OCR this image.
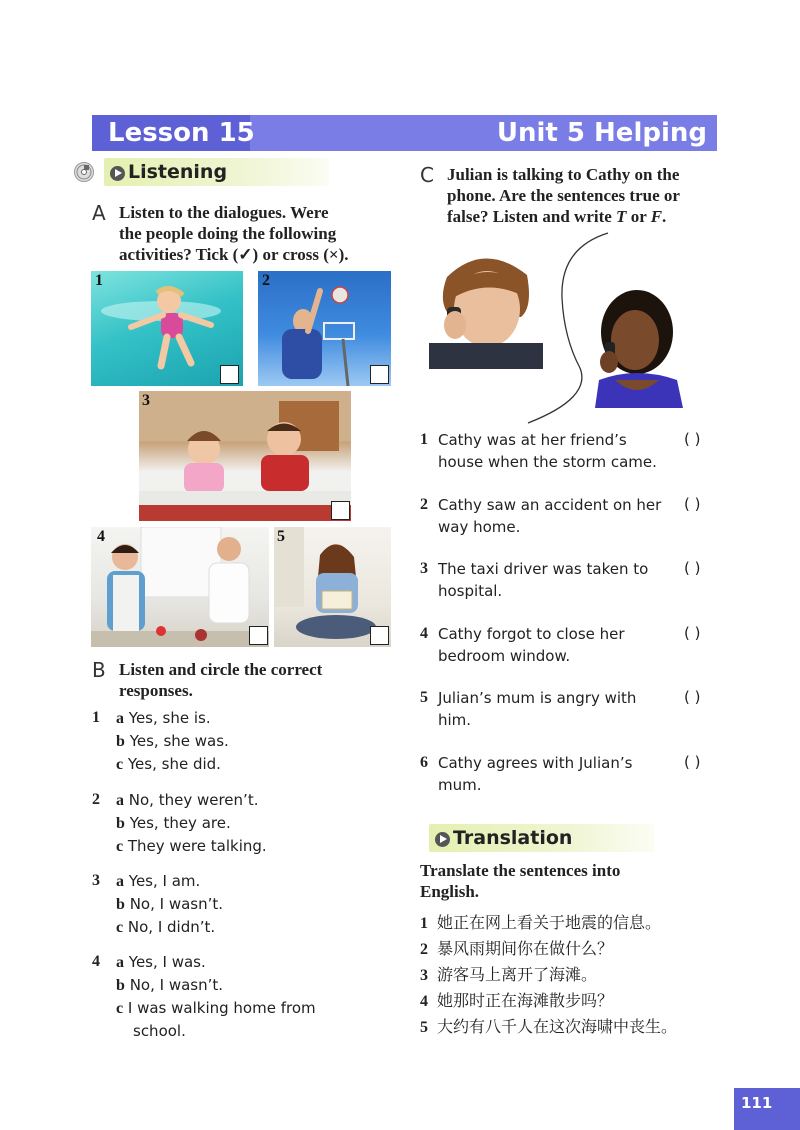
Lesson 15	Unit 5 Helping
Listening
A Listen to the dialogues. Were
the people doing the following
activities? Tick (✓) or cross (×).
1	2
3
4	5
B Listen and circle the correct
responses.
1 a Yes, she is.
b Yes, she was.
c Yes, she did.
2 a No, they weren’t.
b Yes, they are.
c They were talking.
3 a Yes, I am.
b No, I wasn’t.
c No, I didn’t.
4 a Yes, I was.
b No, I wasn’t.
c I was walking home from
school.
C Julian is talking to Cathy on the
phone. Are the sentences true or
false? Listen and write T or F.
1 Cathy was at her friend’s
house when the storm came.
( )
2 Cathy saw an accident on her
way home.
( )
3 The taxi driver was taken to
hospital.
( )
4 Cathy forgot to close her
bedroom window.
( )
5 Julian’s mum is angry with
him.
( )
6 Cathy agrees with Julian’s
mum.
( )
Translation
Translate the sentences into
English.
1 她正在网上看关于地震的信息。
2 暴风雨期间你在做什么？
3 游客马上离开了海滩。
4 她那时正在海滩散步吗？
5 大约有八千人在这次海啸中丧生。
111
